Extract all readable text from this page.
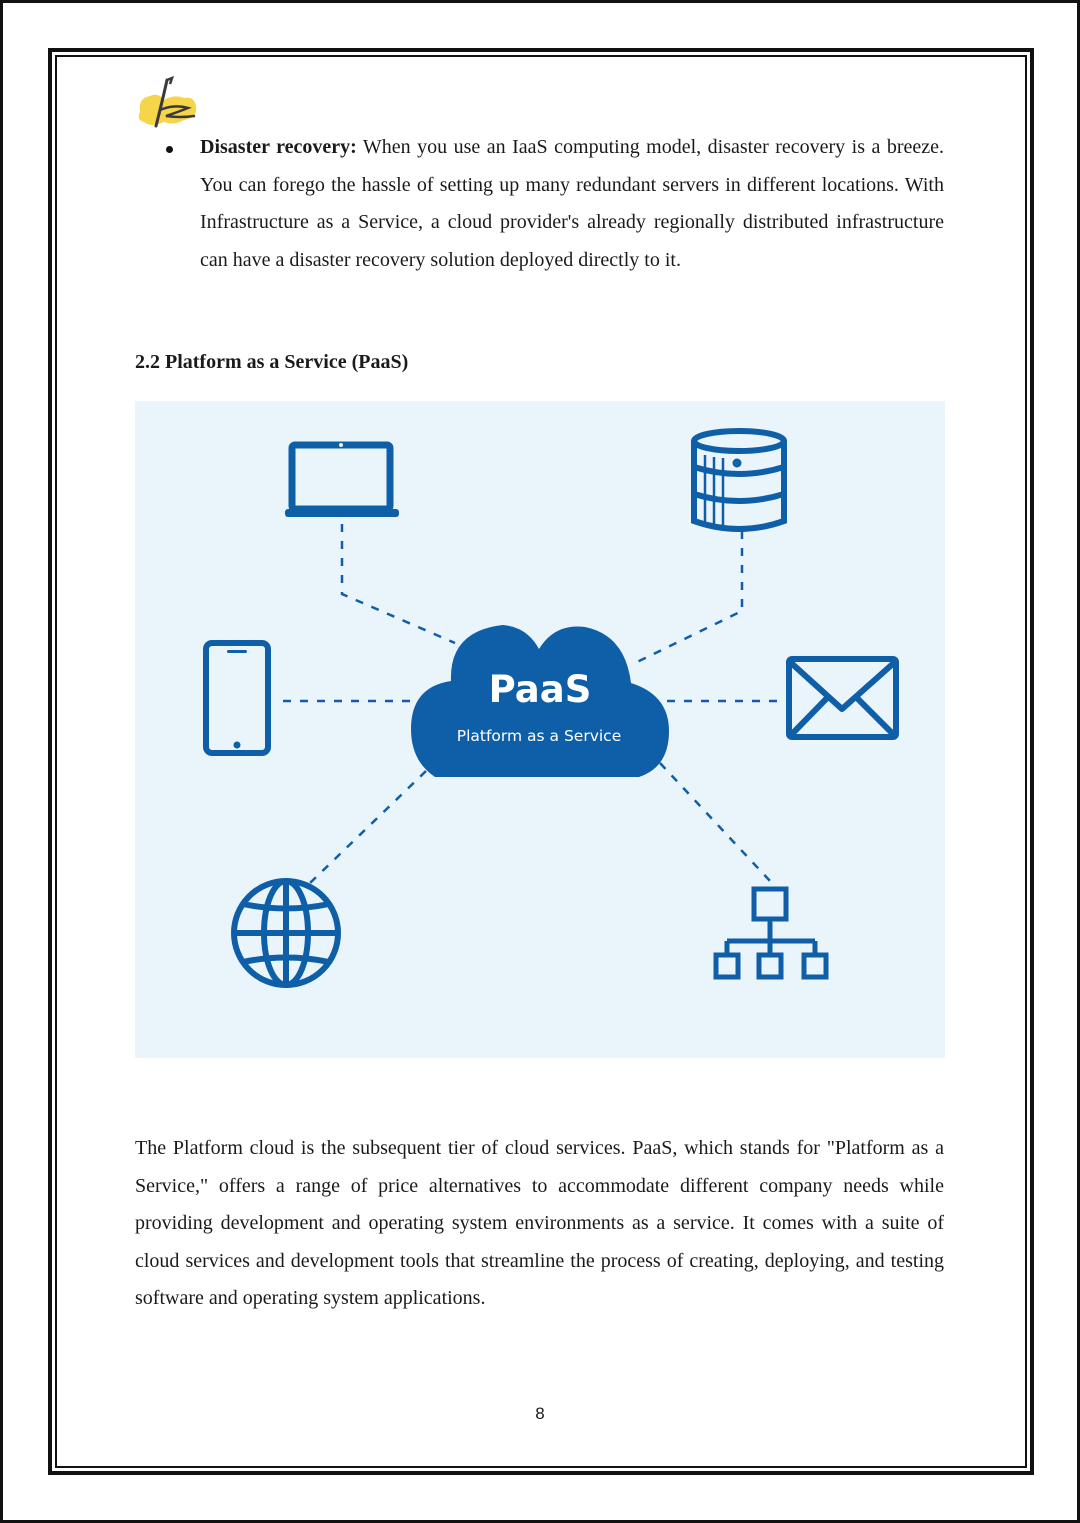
Disaster recovery: When you use an IaaS computing model, disaster recovery is a breeze. You can forego the hassle of setting up many redundant servers in different locations. With Infrastructure as a Service, a cloud provider's already regionally distributed infrastructure can have a disaster recovery solution deployed directly to it.
2.2 Platform as a Service (PaaS)
PaaS
Platform as a Service
The Platform cloud is the subsequent tier of cloud services. PaaS, which stands for "Platform as a Service," offers a range of price alternatives to accommodate different company needs while providing development and operating system environments as a service. It comes with a suite of cloud services and development tools that streamline the process of creating, deploying, and testing software and operating system applications.
8
